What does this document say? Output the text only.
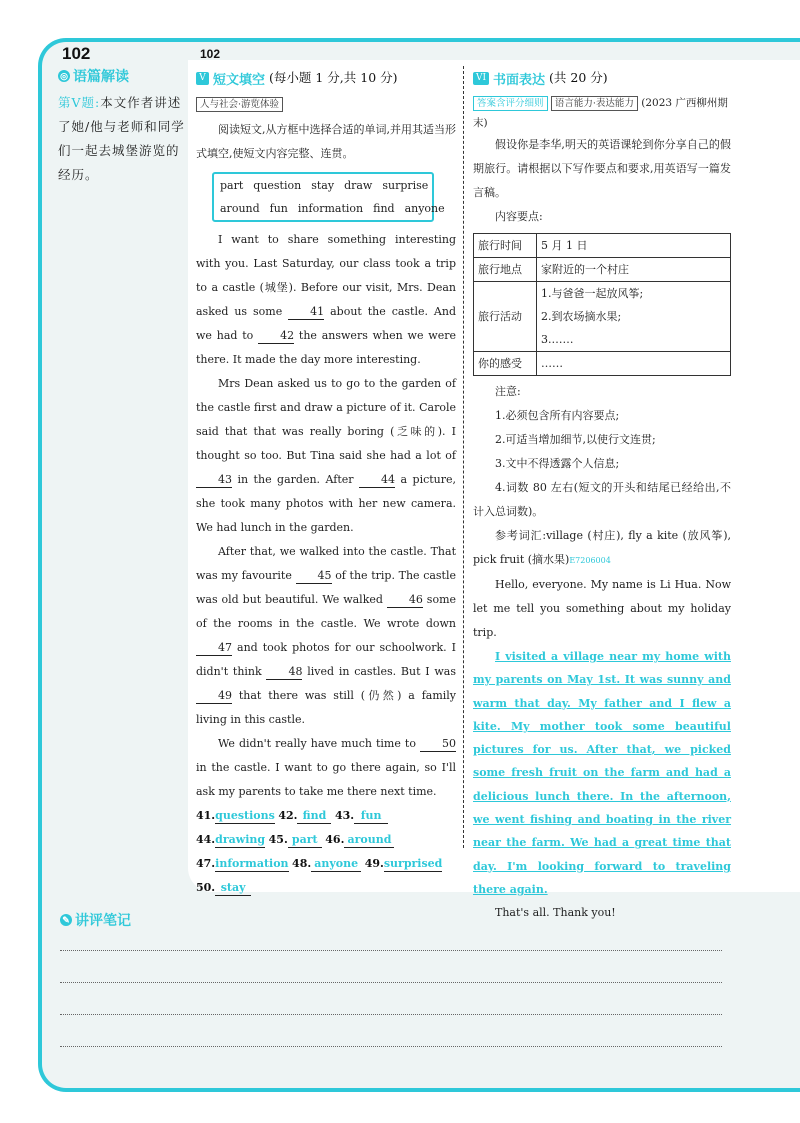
102
◎ 语篇解读
第V题:本文作者讲述了她/他与老师和同学们一起去城堡游览的经历。
102
V 短文填空 (每小题 1 分,共 10 分)
人与社会·游览体验

阅读短文,从方框中选择合适的单词,并用其适当形式填空,使短文内容完整、连贯。

part question stay draw surprise
around fun information find anyone

I want to share something interesting with you. Last Saturday, our class took a trip to a castle (城堡). Before our visit, Mrs. Dean asked us some	41 about the castle. And we had to 42 the answers when we were there. It made the day more interesting.

Mrs Dean asked us to go to the garden of the castle first and draw a picture of it. Carole said that that was really boring (乏味的). I thought so too. But Tina said she had a lot of 43 in the garden. After 44 a picture, she took many photos with her new camera. We had lunch in the garden.

After that, we walked into the castle. That was my favourite 45 of the trip. The castle was old but beautiful. We walked 46 some of the rooms in the castle. We wrote down 47 and took photos for our schoolwork. I didn't think 48 lived in castles. But I was 49 that there was still (仍然) a family living in this castle.

We didn't really have much time to 50 in the castle. I want to go there again, so I'll ask my parents to take me there next time.

41.questions 42. find 43. fun
44.drawing 45. part 46. around
47.information 48. anyone 49.surprised
50. stay
VI 书面表达 (共 20 分)
答案含评分细则 语言能力·表达能力 (2023 广西柳州期末)

假设你是李华,明天的英语课轮到你分享自己的假期旅行。请根据以下写作要点和要求,用英语写一篇发言稿。

内容要点:

旅行时间	5 月 1 日
旅行地点	家附近的一个村庄
旅行活动	1.与爸爸一起放风筝;
2.到农场摘水果;
3.……

你的感受	……

注意:

1.必须包含所有内容要点;

2.可适当增加细节,以使行文连贯;

3.文中不得透露个人信息;

4.词数 80 左右(短文的开头和结尾已经给出,不计入总词数)。

参考词汇:village (村庄), fly a kite (放风筝), pick fruit (摘水果)E7206004

Hello, everyone. My name is Li Hua. Now let me tell you something about my holiday trip.

I visited a village near my home with my parents on May 1st. It was sunny and warm that day. My father and I flew a kite. My mother took some beautiful pictures for us. After that, we picked some fresh fruit on the farm and had a delicious lunch there. In the afternoon, we went fishing and boating in the river near the farm. We had a great time that day. I'm looking forward to traveling there again.

That's all. Thank you!

✎ 讲评笔记
